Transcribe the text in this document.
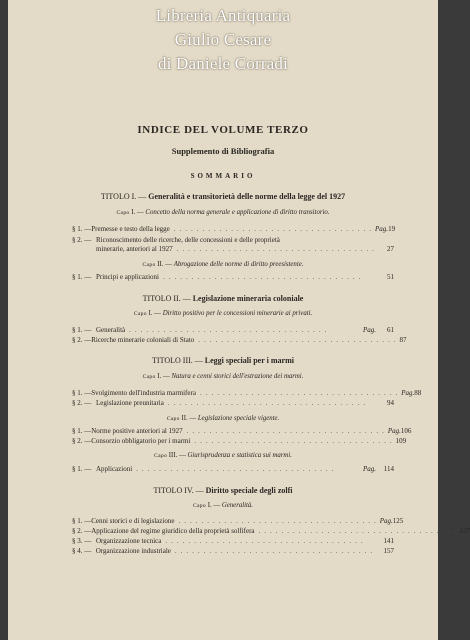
Libreria Antiquaria
Giulio Cesare
di Daniele Corradi
INDICE DEL VOLUME TERZO
Supplemento di Bibliografia
SOMMARIO
TITOLO I. — Generalità e transitorietà delle norme della legge del 1927
Capo I. — Concetto della norma generale e applicazione di diritto transitorio.
§ 1. — Premesse e testo della legge ................................... Pag. 19
§ 2. — Riconoscimento delle ricerche, delle concessioni e delle proprietà
minerarie, anteriori al 1927 ...................................	27
Capo II. — Abrogazione delle norme di diritto preesistente.
§ 1. — Principi e applicazioni ...................................	51
TITOLO II. — Legislazione mineraria coloniale
Capo I. — Diritto positivo per le concessioni minerarie ai privati.
§ 1. — Generalità ...................................	Pag.	61
§ 2. — Ricerche minerarie coloniali di Stato ................................... 87
TITOLO III. — Leggi speciali per i marmi
Capo I. — Natura e cenni storici dell'estrazione dei marmi.
§ 1. — Svolgimento dell'industria marmifera ................................... Pag. 88
§ 2. — Legislazione preunitaria ...................................	94
Capo II. — Legislazione speciale vigente.
§ 1. — Norme positive anteriori al 1927 ................................... Pag. 106
§ 2. — Consorzio obbligatorio per i marmi ................................... 109
Capo III. — Giurisprudenza e statistica sui marmi.
§ 1. — Applicazioni ...................................	Pag.	114
TITOLO IV. — Diritto speciale degli zolfi
Capo I. — Generalità.
§ 1. — Cenni storici e di legislazione ................................... Pag. 125
§ 2. — Applicazione del regime giuridico della proprietà solfifera ................................... 137
§ 3. — Organizzazione tecnica ...................................	141
§ 4. — Organizzazione industriale ...................................	157
